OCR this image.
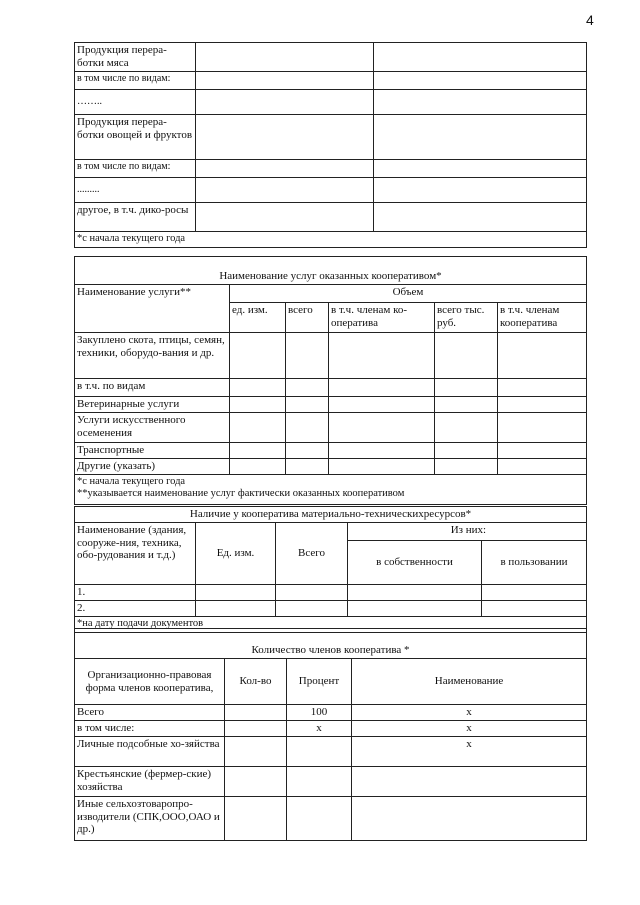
4
Продукция перера-ботки мяса		
в том числе по видам:		
……..		
Продукция перера-ботки овощей и фруктов		
в том числе по видам:		
.........		
другое, в т.ч. дико-росы		
*с начала текущего года		
Наименование услуг оказанных кооперативом*					
Наименование услуги**	Объем				
	ед. изм.	всего	в т.ч. членам ко-оператива	всего тыс. руб.	в т.ч. членам кооператива
Закуплено скота, птицы, семян, техники, оборудо-вания и др.					
в т.ч. по видам					
Ветеринарные услуги					
Услуги искусственного осеменения					
Транспортные					
Другие (указать)					

*с начала текущего года
**указывается наименование услуг фактически оказанных кооперативом					
Наличие у кооператива материально-техническихресурсов*				
Наименование (здания, сооруже-ния, техника, обо-рудования и т.д.)	Ед. изм.	Всего	Из них:	
			в собственности	в пользовании
1.				
2.				
*на дату подачи документов				
Количество членов кооператива *			
Организационно-правовая форма членов кооператива,	Кол-во	Процент	Наименование
Всего		100	х
в том числе:		х	х
Личные подсобные хо-зяйства			х
Крестьянские (фермер-ские) хозяйства			
Иные сельхозтоваропро-изводители (СПК,ООО,ОАО и др.)			
